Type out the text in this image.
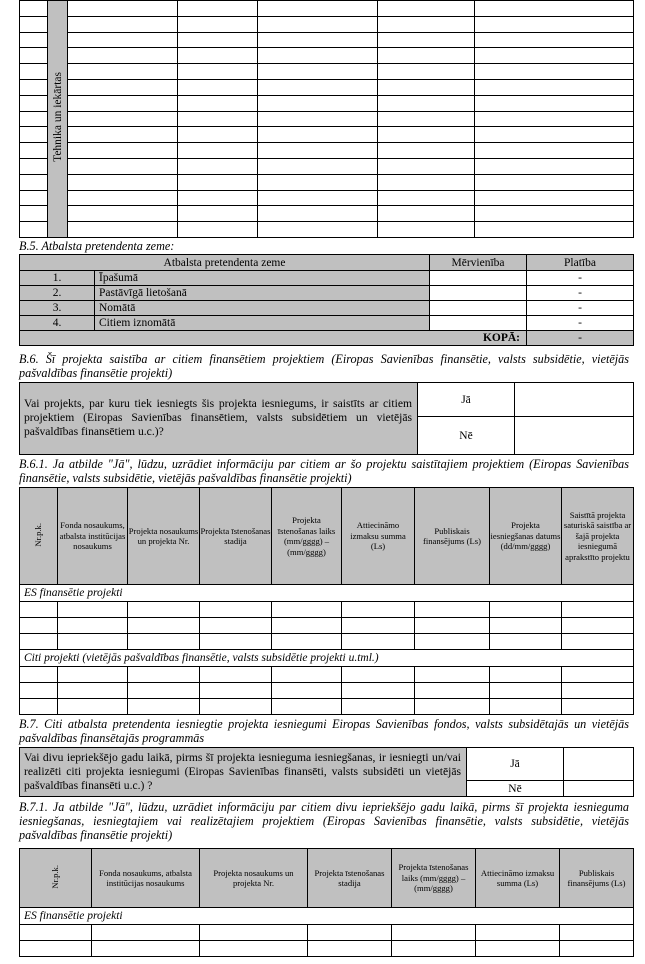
	Tehnika un iekārtas					

B.5. Atbalsta pretendenta zeme:
Atbalsta pretendenta zeme		Mērvienība	Platība
1.	Īpašumā		-
2.	Pastāvīgā lietošanā		-
3.	Nomātā		-
4.	Citiem iznomātā		-
KOPĀ:			-
B.6. Šī projekta saistība ar citiem finansētiem projektiem (Eiropas Savienības finansētie, valsts subsidētie, vietējās pašvaldības finansētie projekti)
Vai projekts, par kuru tiek iesniegts šis projekta iesniegums, ir saistīts ar citiem projektiem (Eiropas Savienības finansētiem, valsts subsidētiem un vietējās pašvaldības finansētiem u.c.)?	Jā	
	Nē	
B.6.1. Ja atbilde "Jā", lūdzu, uzrādiet informāciju par citiem ar šo projektu saistītajiem projektiem (Eiropas Savienības finansētie, valsts subsidētie, vietējās pašvaldības finansētie projekti)
Nr.p.k.	Fonda nosaukums, atbalsta institūcijas nosaukums	Projekta nosaukums un projekta Nr.	Projekta īstenošanas stadija	Projekta īstenošanas laiks (mm/gggg) – (mm/gggg)	Attiecināmo izmaksu summa (Ls)	Publiskais finansējums (Ls)	Projekta iesniegšanas datums (dd/mm/gggg)	Saistītā projekta saturiskā saistība ar šajā projekta iesniegumā aprakstīto projektu
ES finansētie projekti								

Citi projekti (vietējās pašvaldības finansētie, valsts subsidētie projekti u.tml.)								

B.7. Citi atbalsta pretendenta iesniegtie projekta iesniegumi Eiropas Savienības fondos, valsts subsidētajās un vietējās pašvaldības finansētajās programmās
Vai divu iepriekšējo gadu laikā, pirms šī projekta iesnieguma iesniegšanas, ir iesniegti un/vai realizēti citi projekta iesniegumi (Eiropas Savienības finansēti, valsts subsidēti un vietējās pašvaldības finansēti u.c.) ?	Jā	
	Nē	
B.7.1. Ja atbilde "Jā", lūdzu, uzrādiet informāciju par citiem divu iepriekšējo gadu laikā, pirms šī projekta iesnieguma iesniegšanas, iesniegtajiem vai realizētajiem projektiem (Eiropas Savienības finansētie, valsts subsidētie, vietējās pašvaldības finansētie projekti)
Nr.p.k.	Fonda nosaukums, atbalsta institūcijas nosaukums	Projekta nosaukums un projekta Nr.	Projekta īstenošanas stadija	Projekta īstenošanas laiks (mm/gggg) – (mm/gggg)	Attiecināmo izmaksu summa (Ls)	Publiskais finansējums (Ls)
ES finansētie projekti						
